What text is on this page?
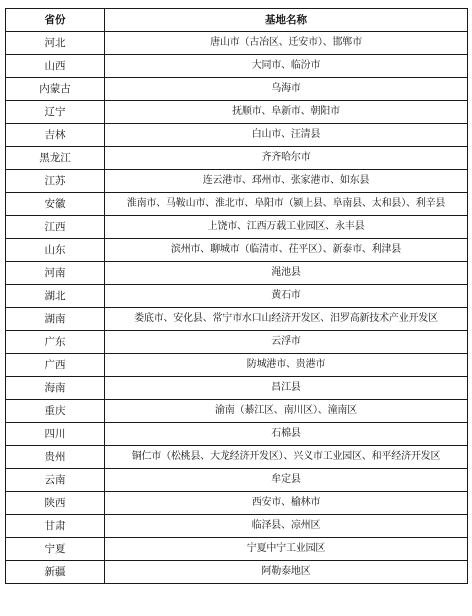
省份	基地名称
河北	唐山市（古冶区、迁安市）、邯郸市
山西	大同市、临汾市
内蒙古	乌海市
辽宁	抚顺市、阜新市、朝阳市
吉林	白山市、汪清县
黑龙江	齐齐哈尔市
江苏	连云港市、邳州市、张家港市、如东县
安徽	淮南市、马鞍山市、淮北市、阜阳市（颍上县、阜南县、太和县）、利辛县
江西	上饶市、江西万载工业园区、永丰县
山东	滨州市、聊城市（临清市、茌平区）、新泰市、利津县
河南	渑池县
湖北	黄石市
湖南	娄底市、安化县、常宁市水口山经济开发区、汨罗高新技术产业开发区
广东	云浮市
广西	防城港市、贵港市
海南	昌江县
重庆	渝南（綦江区、南川区）、潼南区
四川	石棉县
贵州	铜仁市（松桃县、大龙经济开发区）、兴义市工业园区、和平经济开发区
云南	牟定县
陕西	西安市、榆林市
甘肃	临泽县、凉州区
宁夏	宁夏中宁工业园区
新疆	阿勒泰地区
